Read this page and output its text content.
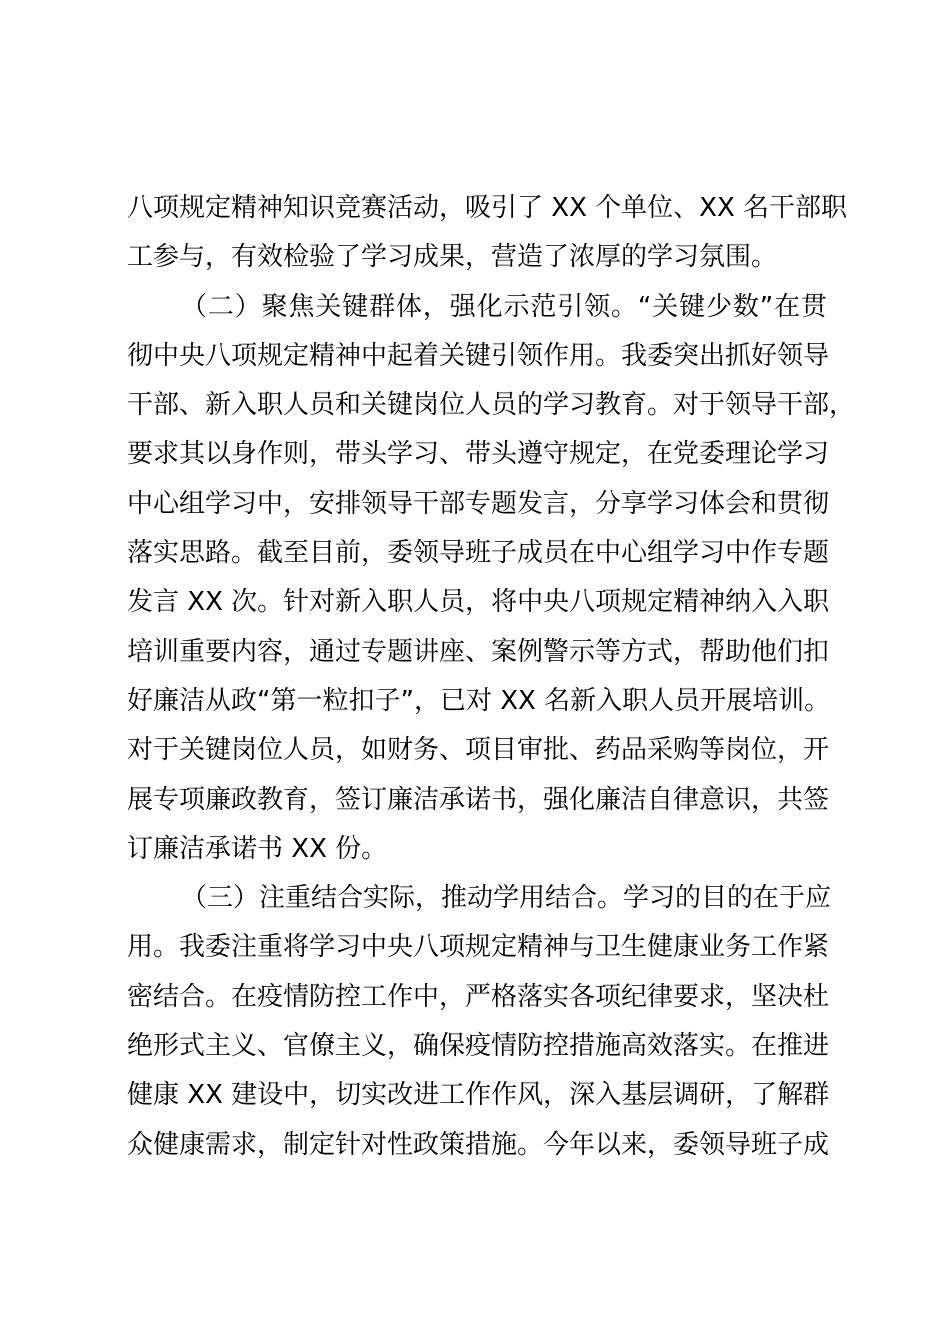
八项规定精神知识竞赛活动，吸引了 XX 个单位、XX 名干部职
工参与，有效检验了学习成果，营造了浓厚的学习氛围。
（二）聚焦关键群体，强化示范引领。“关键少数”在贯
彻中央八项规定精神中起着关键引领作用。我委突出抓好领导
干部、新入职人员和关键岗位人员的学习教育。对于领导干部，
要求其以身作则，带头学习、带头遵守规定，在党委理论学习
中心组学习中，安排领导干部专题发言，分享学习体会和贯彻
落实思路。截至目前，委领导班子成员在中心组学习中作专题
发言 XX 次。针对新入职人员，将中央八项规定精神纳入入职
培训重要内容，通过专题讲座、案例警示等方式，帮助他们扣
好廉洁从政“第一粒扣子”，已对 XX 名新入职人员开展培训。
对于关键岗位人员，如财务、项目审批、药品采购等岗位，开
展专项廉政教育，签订廉洁承诺书，强化廉洁自律意识，共签
订廉洁承诺书 XX 份。
（三）注重结合实际，推动学用结合。学习的目的在于应
用。我委注重将学习中央八项规定精神与卫生健康业务工作紧
密结合。在疫情防控工作中，严格落实各项纪律要求，坚决杜
绝形式主义、官僚主义，确保疫情防控措施高效落实。在推进
健康 XX 建设中，切实改进工作作风，深入基层调研，了解群
众健康需求，制定针对性政策措施。今年以来，委领导班子成
